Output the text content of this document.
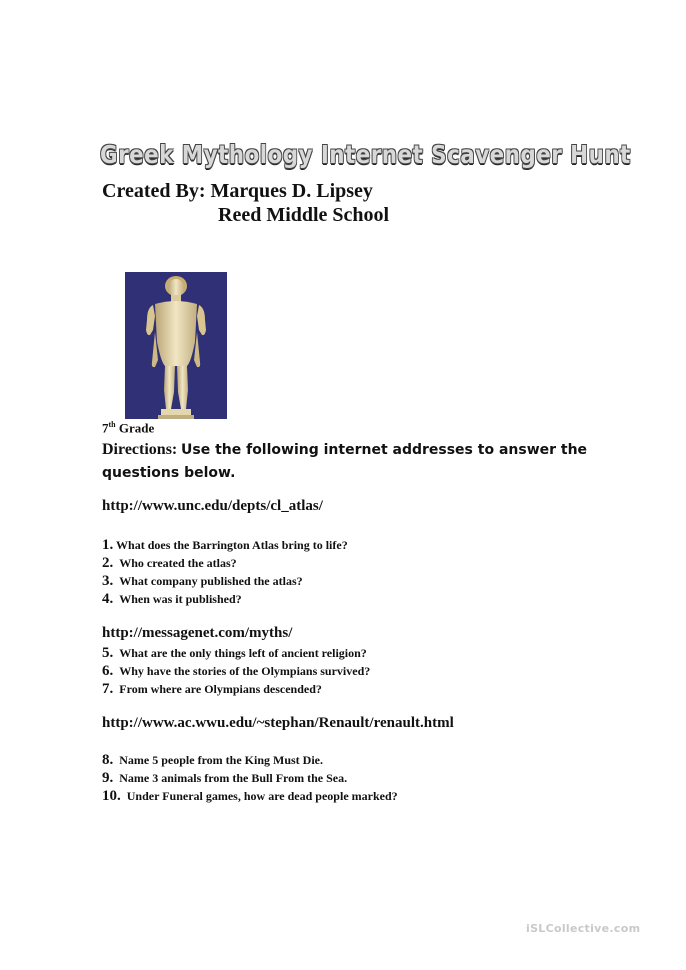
Greek Mythology Internet Scavenger Hunt
Created By: Marques D. Lipsey
Reed Middle School
7th Grade
Directions: Use the following internet addresses to answer the questions below.
http://www.unc.edu/depts/cl_atlas/
1. What does the Barrington Atlas bring to life?
2. Who created the atlas?
3. What company published the atlas?
4. When was it published?
http://messagenet.com/myths/
5. What are the only things left of ancient religion?
6. Why have the stories of the Olympians survived?
7. From where are Olympians descended?
http://www.ac.wwu.edu/~stephan/Renault/renault.html
8. Name 5 people from the King Must Die.
9. Name 3 animals from the Bull From the Sea.
10. Under Funeral games, how are dead people marked?
iSLCollective.com
